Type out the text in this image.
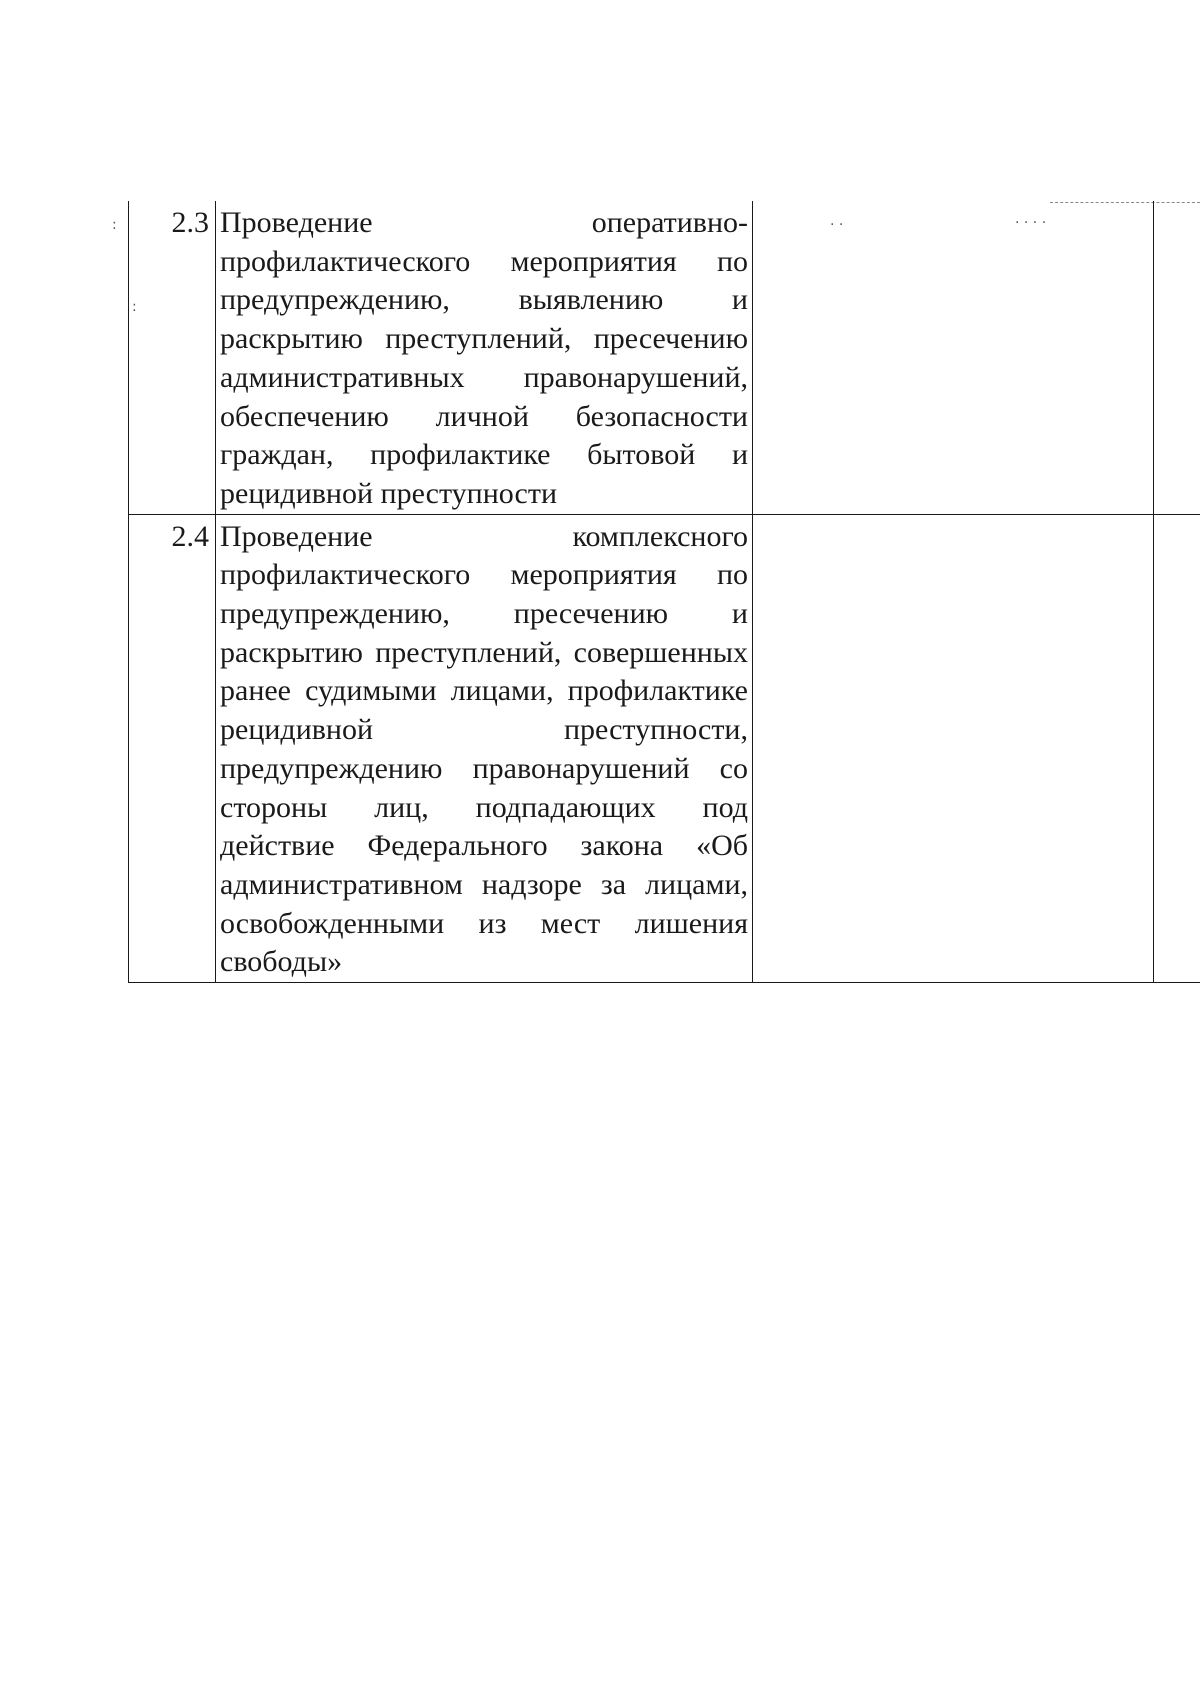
:
:
· ·	· · · ·
2.3	Проведение оперативно-профилактического мероприятия по предупреждению, выявлению и раскрытию преступлений, пресечению административных правонарушений, обеспечению личной безопасности граждан, профилактике бытовой и рецидивной преступности		
2.4	Проведение комплексного профилактического мероприятия по предупреждению, пресечению и раскрытию преступлений, совершенных ранее судимыми лицами, профилактике рецидивной преступности, предупреждению правонарушений со стороны лиц, подпадающих под действие Федерального закона «Об административном надзоре за лицами, освобожденными из мест лишения свободы»		
